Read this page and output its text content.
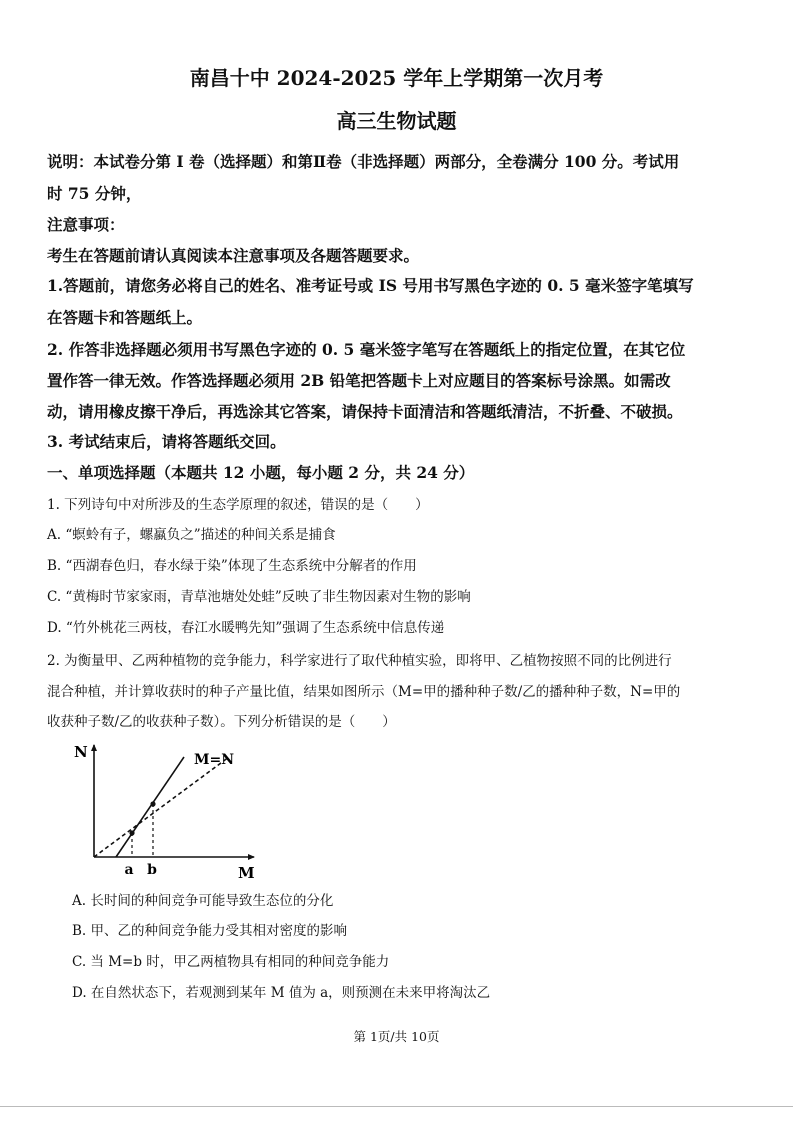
南昌十中 2024-2025 学年上学期第一次月考
高三生物试题
说明：本试卷分第 I 卷（选择题）和第Ⅱ卷（非选择题）两部分，全卷满分 100 分。考试用
时 75 分钟，
注意事项：
考生在答题前请认真阅读本注意事项及各题答题要求。
1.答题前，请您务必将自己的姓名、准考证号或 IS 号用书写黑色字迹的 0. 5 毫米签字笔填写
在答题卡和答题纸上。
2. 作答非选择题必须用书写黑色字迹的 0. 5 毫米签字笔写在答题纸上的指定位置，在其它位
置作答一律无效。作答选择题必须用 2B 铅笔把答题卡上对应题目的答案标号涂黑。如需改
动，请用橡皮擦干净后，再选涂其它答案，请保持卡面清洁和答题纸清洁，不折叠、不破损。
3. 考试结束后，请将答题纸交回。
一、单项选择题（本题共 12 小题，每小题 2 分，共 24 分）
1. 下列诗句中对所涉及的生态学原理的叙述，错误的是（　　）
A. “螟蛉有子，螺蠃负之”描述的种间关系是捕食
B. “西湖春色归，春水绿于染”体现了生态系统中分解者的作用
C. “黄梅时节家家雨，青草池塘处处蛙”反映了非生物因素对生物的影响
D. “竹外桃花三两枝，春江水暖鸭先知”强调了生态系统中信息传递
2. 为衡量甲、乙两种植物的竞争能力，科学家进行了取代种植实验，即将甲、乙植物按照不同的比例进行
混合种植，并计算收获时的种子产量比值，结果如图所示（M=甲的播种种子数/乙的播种种子数，N=甲的
收获种子数/乙的收获种子数）。下列分析错误的是（　　）
N
M
M=N
a b
A. 长时间的种间竞争可能导致生态位的分化
B. 甲、乙的种间竞争能力受其相对密度的影响
C. 当 M=b 时，甲乙两植物具有相同的种间竞争能力
D. 在自然状态下，若观测到某年 M 值为 a，则预测在未来甲将淘汰乙
第 1页/共 10页
